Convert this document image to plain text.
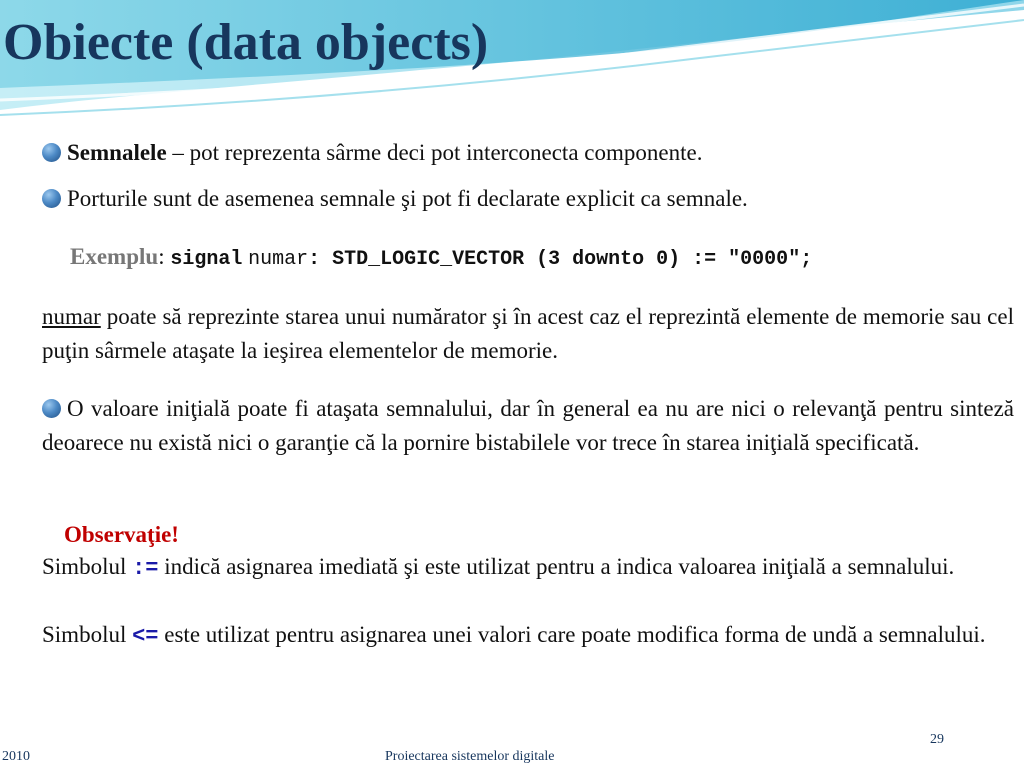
Obiecte (data objects)
Semnalele – pot reprezenta sârme deci pot interconecta componente.
Porturile sunt de asemenea semnale şi pot fi declarate explicit ca semnale.
Exemplu: signal numar: STD_LOGIC_VECTOR (3 downto 0) := "0000";
numar poate să reprezinte starea unui numărator şi în acest caz el reprezintă elemente de memorie sau cel puţin sârmele ataşate la ieşirea elementelor de memorie.
O valoare iniţială poate fi ataşata semnalului, dar în general ea nu are nici o relevanţă pentru sinteză deoarece nu există nici o garanţie că la pornire bistabilele vor trece în starea iniţială specificată.
Observaţie!
Simbolul := indică asignarea imediată şi este utilizat pentru a indica valoarea iniţială a semnalului.
Simbolul <= este utilizat pentru asignarea unei valori care poate modifica forma de undă a semnalului.
29
2010	Proiectarea sistemelor digitale
